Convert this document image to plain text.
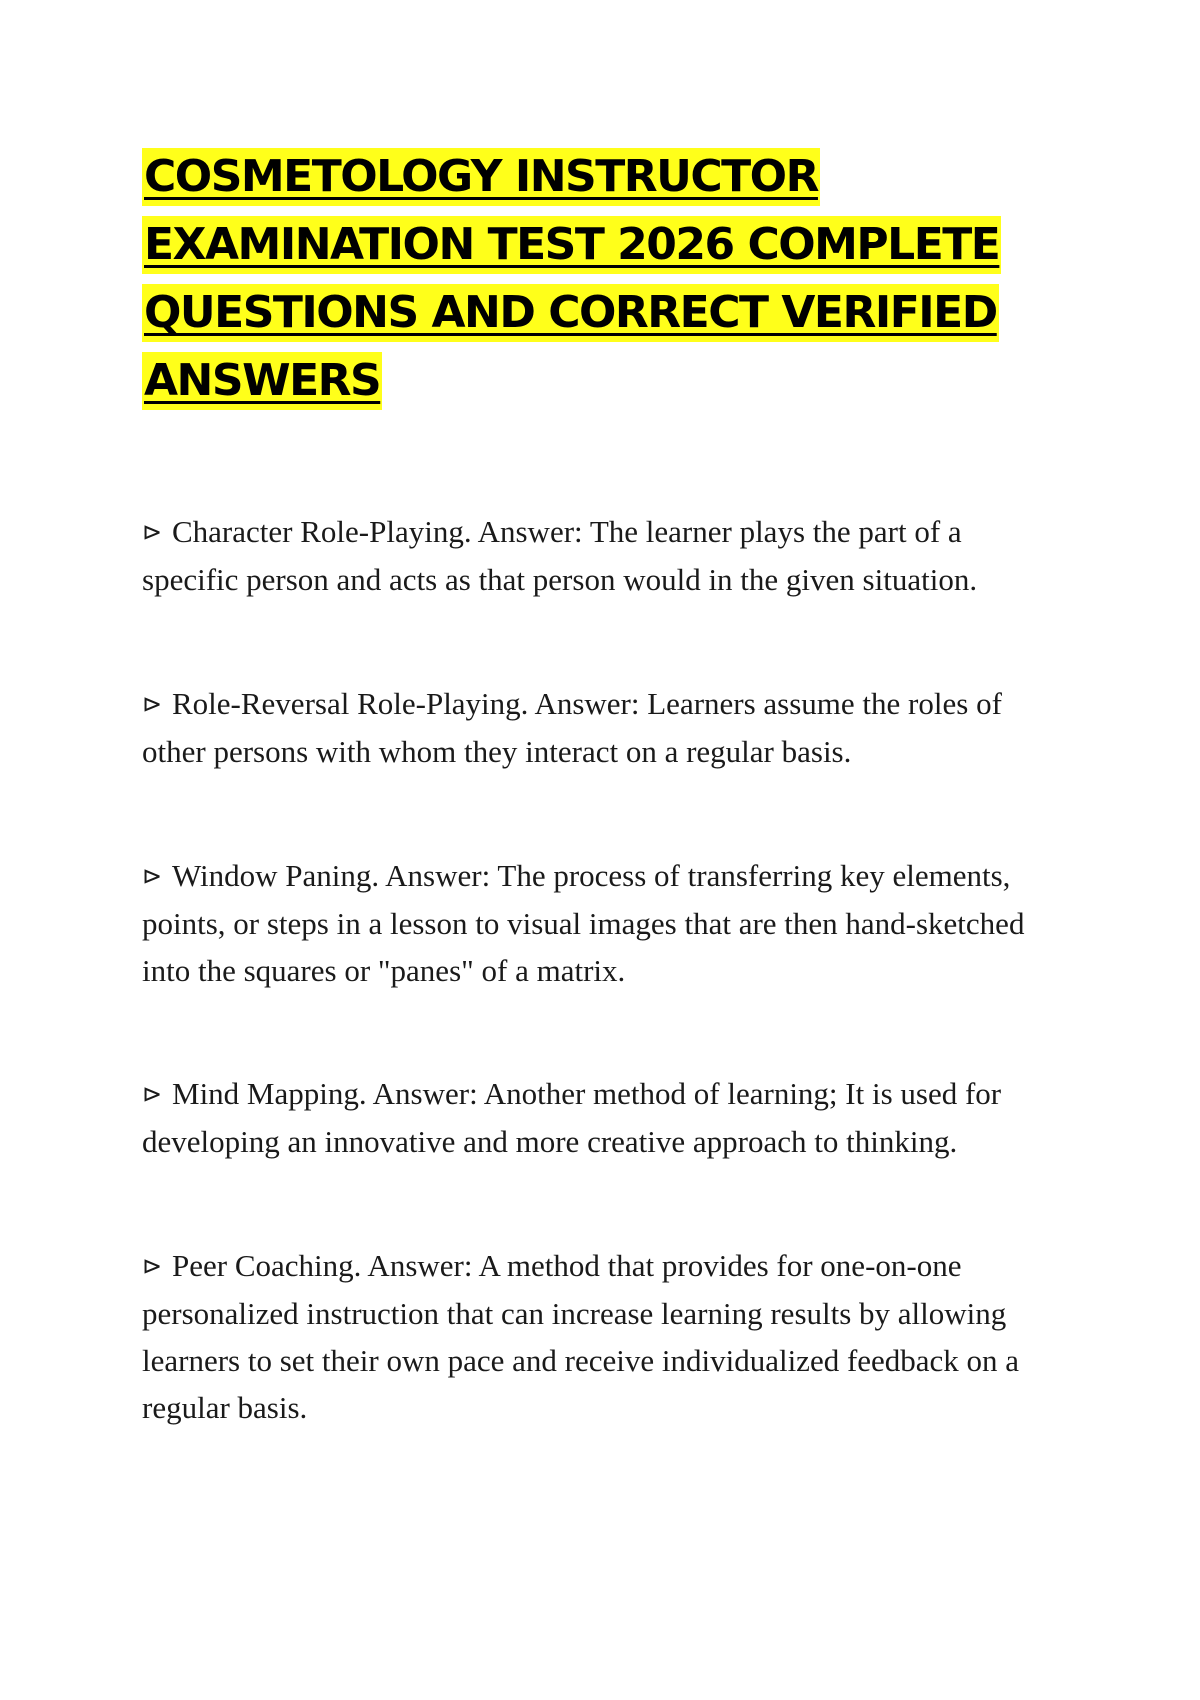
COSMETOLOGY INSTRUCTOR
EXAMINATION TEST 2026 COMPLETE
QUESTIONS AND CORRECT VERIFIED
ANSWERS
⊳ Character Role-Playing. Answer: The learner plays the part of a specific person and acts as that person would in the given situation.
⊳ Role-Reversal Role-Playing. Answer: Learners assume the roles of other persons with whom they interact on a regular basis.
⊳ Window Paning. Answer: The process of transferring key elements, points, or steps in a lesson to visual images that are then hand-sketched into the squares or "panes" of a matrix.
⊳ Mind Mapping. Answer: Another method of learning; It is used for developing an innovative and more creative approach to thinking.
⊳ Peer Coaching. Answer: A method that provides for one-on-one personalized instruction that can increase learning results by allowing learners to set their own pace and receive individualized feedback on a regular basis.
